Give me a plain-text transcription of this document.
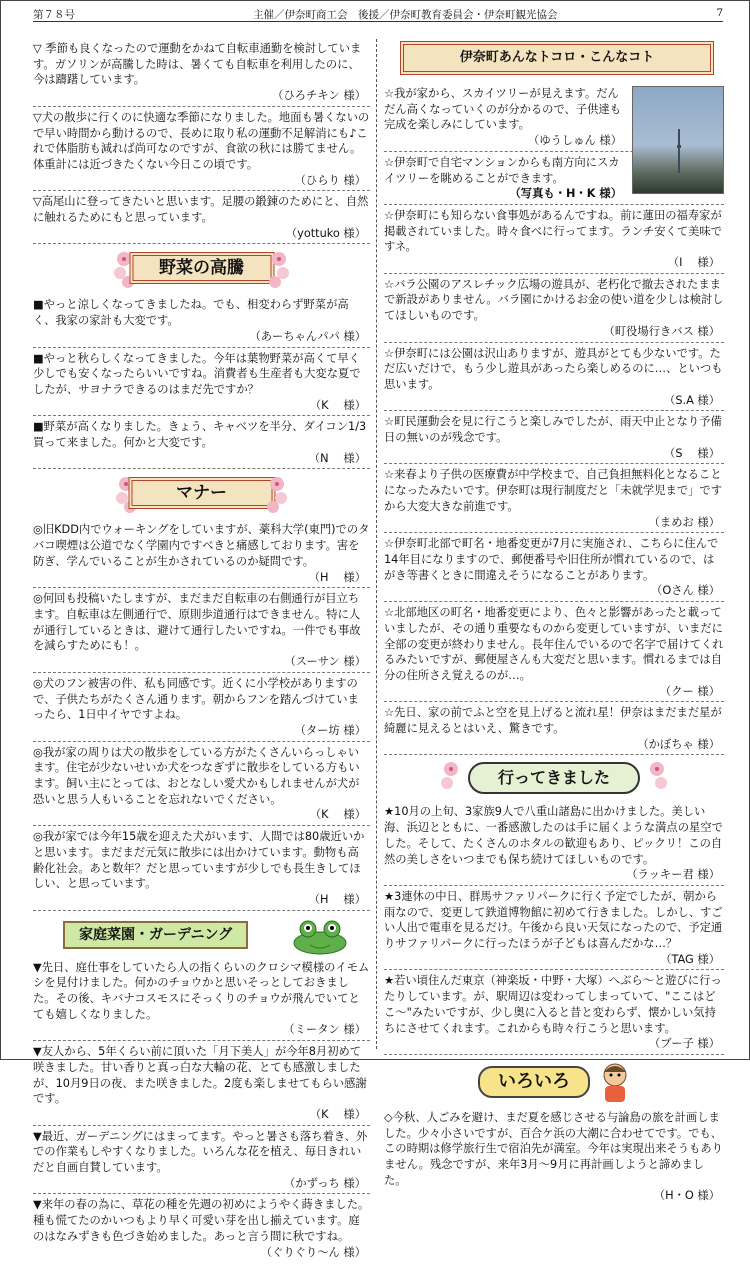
第７８号	主催／伊奈町商工会　後援／伊奈町教育委員会・伊奈町観光協会	7
▽ 季節も良くなったので運動をかねて自転車通勤を検討しています。ガソリンが高騰した時は、暑くても自転車を利用したのに、今は躊躇しています。
（ひろチキン 様）
▽犬の散歩に行くのに快適な季節になりました。地面も暑くないので早い時間から動けるので、長めに取り私の運動不足解消にも♪これで体脂肪も減れば尚可なのですが、食欲の秋には勝てません。体重計には近づきたくない今日この頃です。
（ひらり 様）
▽高尾山に登ってきたいと思います。足腰の鍛錬のためにと、自然に触れるためにもと思っています。
（yottuko 様）
野菜の高騰
■やっと涼しくなってきましたね。でも、相変わらず野菜が高く、我家の家計も大変です。
（あーちゃんパパ 様）
■やっと秋らしくなってきました。今年は葉物野菜が高くて早く少しでも安くなったらいいですね。消費者も生産者も大変な夏でしたが、サヨナラできるのはまだ先ですか？
（K　 様）
■野菜が高くなりました。きょう、キャベツを半分、ダイコン1/3買って来ました。何かと大変です。
（N　 様）
マナー
◎旧KDD内でウォーキングをしていますが、薬科大学(東門)でのタバコ喫煙は公道でなく学園内ですべきと痛感しております。害を防ぎ、学んでいることが生かされているのか疑問です。
（H　 様）
◎何回も投稿いたしますが、まだまだ自転車の右側通行が目立ちます。自転車は左側通行で、原則歩道通行はできません。特に人が通行しているときは、避けて通行したいですね。一件でも事故を減らすためにも！。
（スーサン 様）
◎犬のフン被害の件、私も同感です。近くに小学校がありますので、子供たちがたくさん通ります。朝からフンを踏んづけていまったら、1日中イヤですよね。
（ター坊 様）
◎我が家の周りは犬の散歩をしている方がたくさんいらっしゃいます。住宅が少ないせいか犬をつなぎずに散歩をしている方もいます。飼い主にとっては、おとなしい愛犬かもしれませんが犬が恐いと思う人もいることを忘れないでください。
（K　 様）
◎我が家では今年15歳を迎えた犬がいます、人間では80歳近いかと思います。まだまだ元気に散歩には出かけています。動物も高齢化社会。あと数年？だと思っていますが少しでも長生きしてほしい、と思っています。
（H　 様）
家庭菜園・ガーデニング
▼先日、庭仕事をしていたら人の指くらいのクロシマ模様のイモムシを見付けました。何かのチョウかと思いそっとしておきました。その後、キバナコスモスにそっくりのチョウが飛んでいてとても嬉しくなりました。
（ミータン 様）
▼友人から、5年くらい前に頂いた「月下美人」が今年8月初めて咲きました。甘い香りと真っ白な大輪の花、とても感激しましたが、10月9日の夜、また咲きました。2度も楽しませてもらい感謝です。
（K　 様）
▼最近、ガーデニングにはまってます。やっと暑さも落ち着き、外での作業もしやすくなりました。いろんな花を植え、毎日きれいだと自画自賛しています。
（かずっち 様）
▼来年の春の為に、草花の種を先週の初めにようやく蒔きました。種も慌てたのかいつもより早く可愛い芽を出し揃えています。庭のはなみずきも色づき始めました。あっと言う間に秋ですね。
（ぐりぐり～ん 様）
伊奈町あんなトコロ・こんなコト
☆我が家から、スカイツリーが見えます。だんだん高くなっていくのが分かるので、子供達も完成を楽しみにしています。
（ゆうしゅん 様）
☆伊奈町で自宅マンションからも南方向にスカイツリーを眺めることができます。
（写真も・H・K 様）
☆伊奈町にも知らない食事処があるんですね。前に蓮田の福寿家が掲載されていました。時々食べに行ってます。ランチ安くて美味ですネ。
（I　 様）
☆バラ公園のアスレチック広場の遊具が、老朽化で撤去されたままで新設がありません。バラ園にかけるお金の使い道を少しは検討してほしいものです。
（町役場行きバス 様）
☆伊奈町には公園は沢山ありますが、遊具がとても少ないです。ただ広いだけで、もう少し遊具があったら楽しめるのに…、といつも思います。
（S.A 様）
☆町民運動会を見に行こうと楽しみでしたが、雨天中止となり予備日の無いのが残念です。
（S　 様）
☆来春より子供の医療費が中学校まで、自己負担無料化となることになったみたいです。伊奈町は現行制度だと「未就学児まで」ですから大変大きな前進です。
（まめお 様）
☆伊奈町北部で町名・地番変更が7月に実施され、こちらに住んで14年目になりますので、郵便番号や旧住所が慣れているので、はがき等書くときに間違えそうになることがあります。
（Oさん 様）
☆北部地区の町名・地番変更により、色々と影響があったと載っていましたが、その通り重要なものから変更していますが、いまだに全部の変更が終わりません。長年住んでいるので名字で届けてくれるみたいですが、郵便屋さんも大変だと思います。慣れるまでは自分の住所さえ覚えるのが…。
（クー 様）
☆先日、家の前でふと空を見上げると流れ星！伊奈はまだまだ星が綺麗に見えるとはいえ、驚きです。
（かぼちゃ 様）
行ってきました
★10月の上旬、3家族9人で八重山諸島に出かけました。美しい海、浜辺とともに、一番感激したのは手に届くような満点の星空でした。そして、たくさんのホタルの歓迎もあり、ピックリ！この自然の美しさをいつまでも保ち続けてほしいものです。
（ラッキー君 様）
★3連休の中日、群馬サファリパークに行く予定でしたが、朝から雨なので、変更して鉄道博物館に初めて行きました。しかし、すごい人出で電車を見るだけ。午後から良い天気になったので、予定通りサファリパークに行ったほうが子どもは喜んだかな…？
（TAG 様）
★若い頃住んだ東京（神楽坂・中野・大塚）へぶら～と遊びに行ったりしています。が、駅周辺は変わってしまっていて、"ここはどこ～"みたいですが、少し奥に入ると昔と変わらず、懐かしい気持ちにさせてくれます。これからも時々行こうと思います。
（ブー子 様）
いろいろ
◇今秋、人ごみを避け、まだ夏を感じさせる与論島の旅を計画しました。少々小さいですが、百合ケ浜の大潮に合わせてです。でも、この時期は修学旅行生で宿泊先が満室。今年は実現出来そうもありません。残念ですが、来年3月～9月に再計画しようと諦めました。
（H・O 様）
